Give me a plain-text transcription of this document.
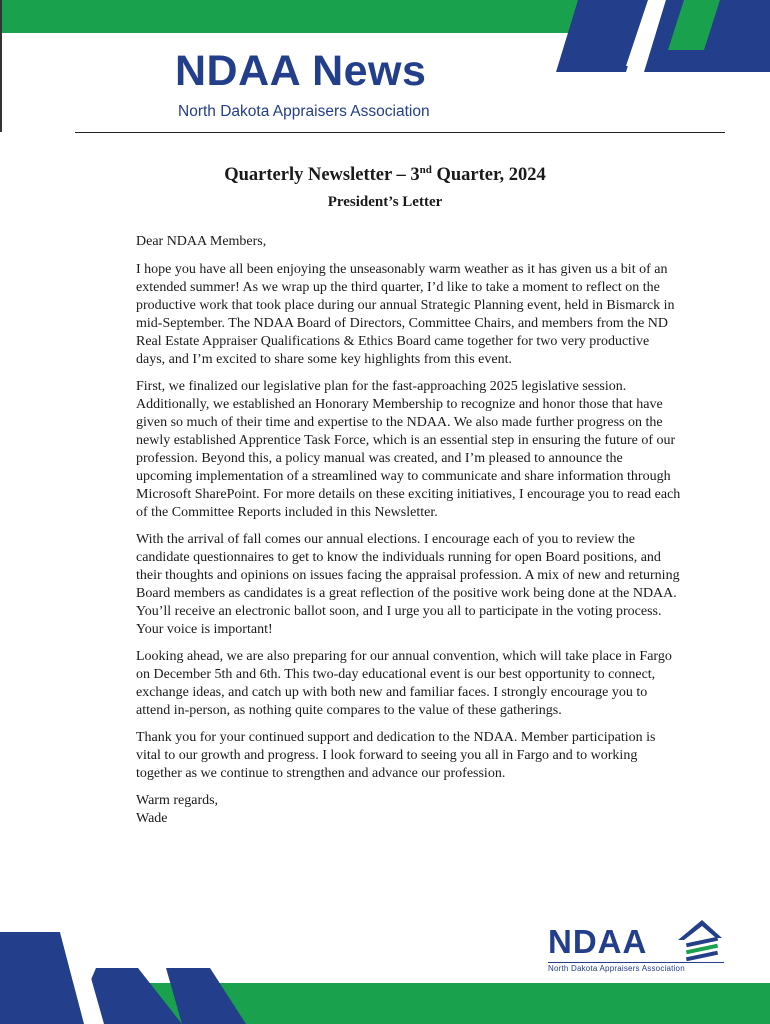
NDAA News
North Dakota Appraisers Association
Quarterly Newsletter – 3nd Quarter, 2024
President’s Letter

Dear NDAA Members,

I hope you have all been enjoying the unseasonably warm weather as it has given us a bit of an extended summer! As we wrap up the third quarter, I’d like to take a moment to reflect on the productive work that took place during our annual Strategic Planning event, held in Bismarck in mid-September. The NDAA Board of Directors, Committee Chairs, and members from the ND Real Estate Appraiser Qualifications & Ethics Board came together for two very productive days, and I’m excited to share some key highlights from this event.

First, we finalized our legislative plan for the fast-approaching 2025 legislative session. Additionally, we established an Honorary Membership to recognize and honor those that have given so much of their time and expertise to the NDAA. We also made further progress on the newly established Apprentice Task Force, which is an essential step in ensuring the future of our profession. Beyond this, a policy manual was created, and I’m pleased to announce the upcoming implementation of a streamlined way to communicate and share information through Microsoft SharePoint. For more details on these exciting initiatives, I encourage you to read each of the Committee Reports included in this Newsletter.

With the arrival of fall comes our annual elections. I encourage each of you to review the candidate questionnaires to get to know the individuals running for open Board positions, and their thoughts and opinions on issues facing the appraisal profession. A mix of new and returning Board members as candidates is a great reflection of the positive work being done at the NDAA. You’ll receive an electronic ballot soon, and I urge you all to participate in the voting process. Your voice is important!

Looking ahead, we are also preparing for our annual convention, which will take place in Fargo on December 5th and 6th. This two-day educational event is our best opportunity to connect, exchange ideas, and catch up with both new and familiar faces. I strongly encourage you to attend in-person, as nothing quite compares to the value of these gatherings.

Thank you for your continued support and dedication to the NDAA. Member participation is vital to our growth and progress. I look forward to seeing you all in Fargo and to working together as we continue to strengthen and advance our profession.

Warm regards,
Wade
NDAA
North Dakota Appraisers Association
